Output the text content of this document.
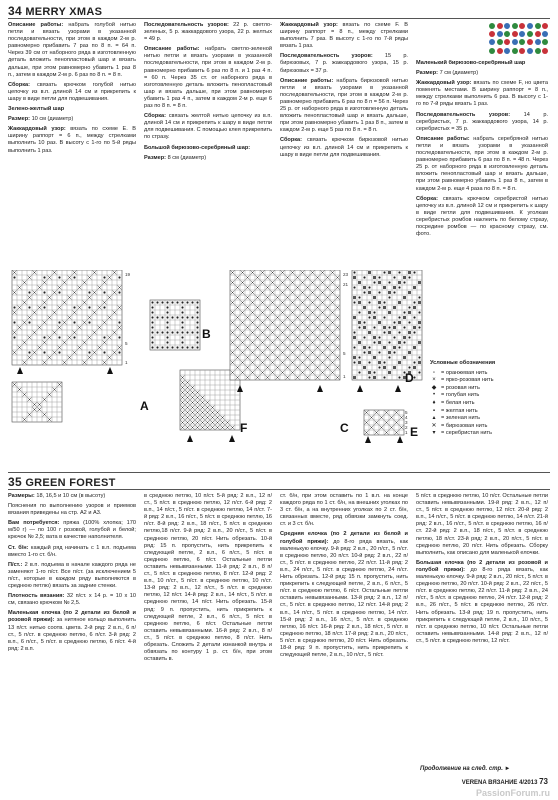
34 MERRY XMAS

Описание работы: набрать голубой нитью петли и вязать узорами в указанной последовательности, при этом в каждом 2-м р. равномерно прибавить 7 раз по 8 п. = 64 п. Через 39 см от наборного ряда в изготовленную деталь вложить пенопластовый шар и вязать дальше, при этом равномерно убавить 1 раз 8 п., затем в каждом 2-м р. 6 раз по 8 п. = 8 п.

Сборка: связать крючком голубой нитью цепочку из в.п. длиной 14 см и прикрепить к шару в виде петли для подвешивания.

Зелено-желтый шар

Размер: 10 см (диаметр)

Жаккардовый узор: вязать по схеме Е. В ширину раппорт = 6 п., между стрелками выполнить 10 раз. В высоту с 1-го по 5-й ряды выполнить 1 раз.

Последовательность узоров: 22 р. светло-зеленых, 5 р. жаккардового узора, 22 р. желтых = 49 р.

Описание работы: набрать светло-зеленой нитью петли и вязать узорами в указанной последовательности, при этом в каждом 2-м р. равномерно прибавить 6 раз по 8 п. и 1 раз 4 п. = 60 п. Через 35 ст. от наборного ряда в изготовленную деталь вложить пенопластовый шар и вязать дальше, при этом равномерно убавить 1 раз 4 п., затем в каждом 2-м р. еще 6 раз по 8 п. = 8 п.

Сборка: связать желтой нитью цепочку из в.п. длиной 14 см и прикрепить к шару в виде петли для подвешивания. С помощью клея прикрепить по стразу.

Большой бирюзово-серебряный шар:

Размер: 8 см (диаметр)

Жаккардовый узор: вязать по схеме F. В ширину раппорт = 8 п., между стрелками выполнить 7 раз. В высоту с 1-го по 7-й ряды вязать 1 раз.

Последовательность узоров: 15 р. бирюзовых, 7 р. жаккардового узора, 15 р. бирюзовых = 37 р.

Описание работы: набрать бирюзовой нитью петли и вязать узорами в указанной последовательности, при этом в каждом 2-м р. равномерно прибавить 6 раз по 8 п = 56 п. Через 25 р. от наборного ряда в изготовленную деталь вложить пенопластовый шар и вязать дальше, при этом равномерно убавить 1 раз 8 п., затем в каждом 2-м р. еще 5 раз по 8 п. = 8 п.

Сборка: связать крючком бирюзовой нитью цепочку из в.п. длиной 14 см и прикрепить к шару в виде петли для подвешивания.

Маленький бирюзово-серебряный шар

Размер: 7 см (диаметр)

Жаккардовый узор: вязать по схеме F, но цвета поменять местами. В ширину раппорт = 8 п., между стрелками выполнить 6 раз. В высоту с 1-го по 7-й ряды вязать 1 раз.

Последовательность узоров: 14 р. серебристых, 7 р. жаккардового узора, 14 р. серебристых = 35 р.

Описание работы: набрать серебряной нитью петли и вязать узорами в указанной последовательности, при этом в каждом 2-м р. равномерно прибавить 6 раз по 8 п. = 48 п. Через 25 р. от наборного ряда в изготовленную деталь вложить пенопластовый шар и вязать дальше, при этом равномерно убавить 1 раз 8 п., затем в каждом 2-м р. еще 4 раза по 8 п. = 8 п.

Сборка: связать крючком серебристой нитью цепочку из в.п. длиной 12 см и прикрепить к шару в виде петли для подвешивания. К уголкам серебристых ромбов наклеить по белому стразу, посредине ромбов — по красному стразу, см. фото.

19
5
1
B
A
F
23
21
5
1
C
D
5
4
3
2
1 E
Условные обозначения
▫	= оранжевая нить
× = ярко-розовая нить
◆ = розовая нить
•	= голубая нить
♦ = белая нить
▪	= желтая нить
▴ = зеленая нить
✕ = бирюзовая нить
▾ = серебристая нить
35 GREEN FOREST

Размеры: 18, 16,5 и 10 см (в высоту)

Пояснения по выполнению узоров и приемов вязания приведены на стр. А2 и А3.

Вам потребуется: пряжа (100% хлопка; 170 м/50 г) — по 100 г розовой, голубой и белой; крючок № 2,5; вата в качестве наполнителя.

Ст. б/н: каждый ряд начинать с 1 в.п. подъема вместо 1-го ст. б/н.

П/ст.: 2 в.п. подъема в начале каждого ряда не заменяют 1-го п/ст. Все п/ст. (за исключением 5 п/ст., которые в каждом ряду выполняются в среднюю петлю) вязать за задние стенки.

Плотность вязания: 32 п/ст. х 14 р. = 10 х 10 см, связано крючком № 2,5.

Маленькая елочка (по 2 детали из белой и розовой пряжи): за нитяное кольцо выполнить 13 п/ст. нитью соотв. цвета. 2-й ряд: 2 в.п., 6 п/ст., 5 п/ст. в среднюю петлю, 6 п/ст. 3-й ряд: 2 в.п., 6 п/ст., 5 п/ст. в среднюю петлю, 6 п/ст. 4-й ряд: 2 в.п.

в среднюю петлю, 10 п/ст. 5-й ряд: 2 в.п., 12 п/ст., 5 п/ст. в среднюю петлю, 12 п/ст. 6-й ряд: 2 в.п., 14 п/ст., 5 п/ст. в среднюю петлю, 14 п/ст. 7-й ряд: 2 в.п., 16 п/ст., 5 п/ст. в среднюю петлю, 16 п/ст. 8-й ряд: 2 в.п., 18 п/ст., 5 п/ст. в среднюю петлю,18 п/ст. 9-й ряд: 2 в.п., 20 п/ст., 5 п/ст. в среднюю петлю, 20 п/ст. Нить обрезать. 10-й ряд: 15 п. пропустить, нить прикрепить к следующей петле, 2 в.п., 6 п/ст., 5 п/ст. в среднюю петлю, 6 п/ст. Остальные петли оставить невывязанными. 11-й ряд: 2 в.п., 8 п/ст., 5 п/ст. в среднюю петлю, 8 п/ст. 12-й ряд: 2 в.п., 10 п/ст., 5 п/ст. в среднюю петлю, 10 п/ст. 13-й ряд: 2 в.п., 12 п/ст., 5 п/ст. в среднюю петлю, 12 п/ст. 14-й ряд: 2 в.п., 14 п/ст., 5 п/ст. в среднюю петлю, 14 п/ст. Нить обрезать. 15-й ряд: 9 п. пропустить, нить прикрепить к следующей петле, 2 в.п., 6 п/ст., 5 п/ст. в среднюю петлю, 6 п/ст. Остальные петли оставить невывязанными. 16-й ряд: 2 в.п., 8 п/ст., 5 п/ст. в среднюю петлю, 8 п/ст. Нить обрезать. Сложить 2 детали изнанкой внутрь и обвязать по контуру 1 р. ст. б/н, при этом оставить в.

ст. б/н, при этом оставить по 1 в.п. на конце каждого ряда по 1 ст. б/н, на внешних уголках по 3 ст. б/н, а на внутренних уголках по 2 ст. б/н, связанных вместе, ряд обвязки замкнуть соед. ст. и 3 ст. б/н.

Средняя елочка (по 2 детали из белой и голубой пряжи): до 8-го ряда вязать, как маленькую елочку. 9-й ряд: 2 в.п., 20 п/ст., 5 п/ст. в среднюю петлю, 20 п/ст. 10-й ряд: 2 в.п., 22 п/ст., 5 п/ст. в среднюю петлю, 22 п/ст. 11-й ряд: 2 в.п., 24 п/ст., 5 п/ст. в среднюю петлю, 24 п/ст. Нить обрезать. 12-й ряд: 15 п. пропустить, нить прикрепить к следующей петле, 2 в.п., 6 п/ст., 5 п/ст. в среднюю петлю, 6 п/ст. Остальные петли оставить невывязанными. 13-й ряд: 2 в.п., 12 п/ст., 5 п/ст. в среднюю петлю, 12 п/ст. 14-й ряд: 2 в.п., 14 п/ст., 5 п/ст. в среднюю петлю, 14 п/ст. 15-й ряд: 2 в.п., 16 п/ст., 5 п/ст. в среднюю петлю, 16 п/ст. 16-й ряд: 2 в.п., 18 п/ст., 5 п/ст. в среднюю петлю, 18 п/ст. 17-й ряд: 2 в.п., 20 п/ст., 5 п/ст. в среднюю петлю, 20 п/ст. Нить обрезать. 18-й ряд: 9 п. пропустить, нить прикрепить к следующей петле, 2 в.п., 10 п/ст., 5 п/ст.

5 п/ст. в среднюю петлю, 10 п/ст. Остальные петли оставить невывязанными. 19-й ряд: 2 в.п., 12 п/ст., 5 п/ст. в среднюю петлю, 12 п/ст. 20-й ряд: 2 в.п., 14 п/ст., 5 п/ст. в среднюю петлю, 14 п/ст. 21-й ряд: 2 в.п., 16 п/ст., 5 п/ст. в среднюю петлю, 16 п/ст. 22-й ряд: 2 в.п., 18 п/ст., 5 п/ст. в среднюю петлю, 18 п/ст. 23-й ряд: 2 в.п., 20 п/ст., 5 п/ст. в среднюю петлю, 20 п/ст. Нить обрезать. Сборку выполнить, как описано для маленькой елочки.

Большая елочка (по 2 детали из розовой и голубой пряжи): до 8-го ряда вязать, как маленькую елочку. 9-й ряд: 2 в.п., 20 п/ст., 5 п/ст. в среднюю петлю, 20 п/ст. 10-й ряд: 2 в.п., 22 п/ст., 5 п/ст. в среднюю петлю, 22 п/ст. 11-й ряд: 2 в.п., 24 п/ст., 5 п/ст. в среднюю петлю, 24 п/ст. 12-й ряд: 2 в.п., 26 п/ст., 5 п/ст. в среднюю петлю, 26 п/ст. Нить обрезать. 13-й ряд: 19 п. пропустить, нить прикрепить к следующей петле, 2 в.п., 10 п/ст., 5 п/ст. в среднюю петлю, 10 п/ст. Остальные петли оставить невывязанными. 14-й ряд: 2 в.п., 12 п/ст., 5 п/ст. в среднюю петлю, 12 п/ст.

Продолжение на след. стр. ►
VERENA ВЯЗАНИЕ 4/2013 73
PassionForum.ru
